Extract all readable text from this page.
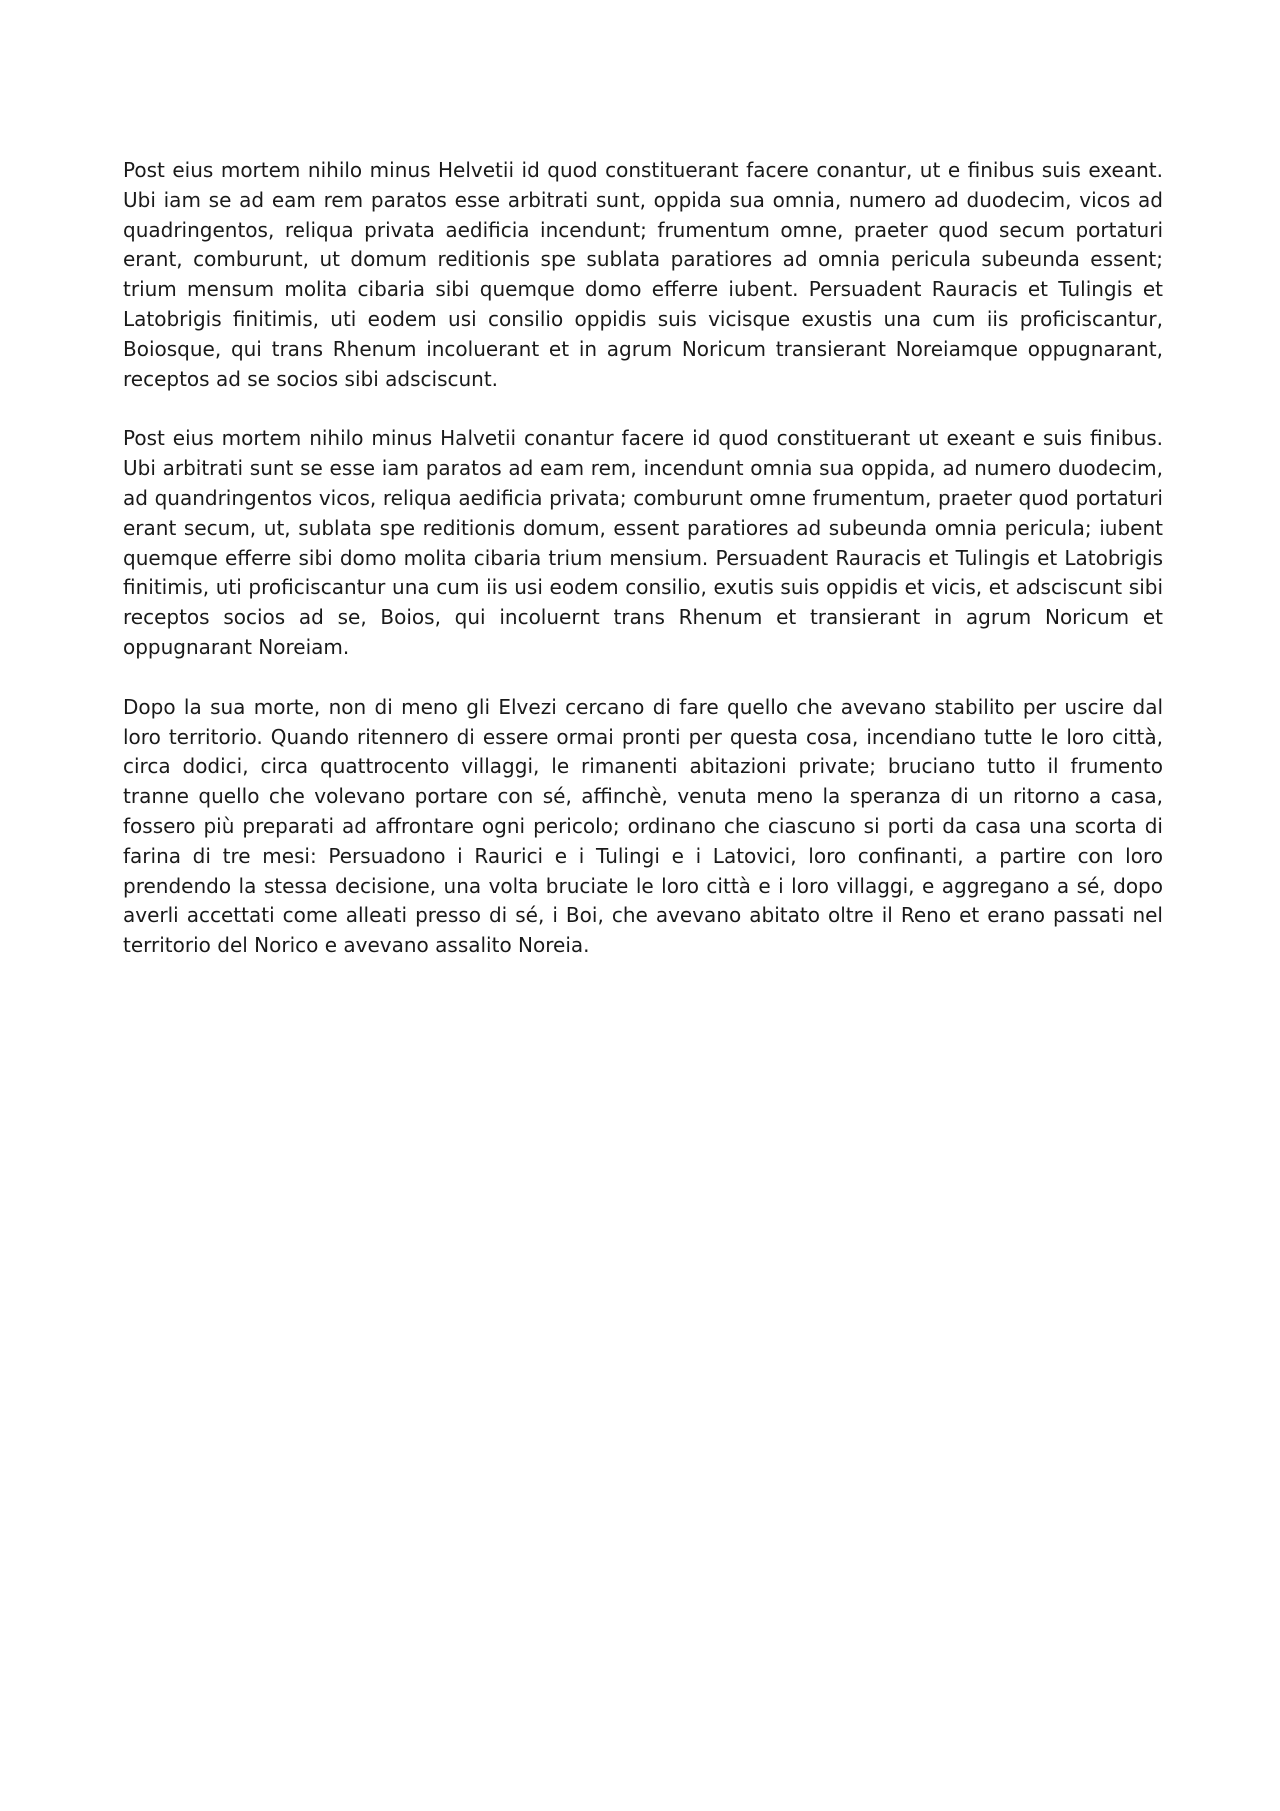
Post eius mortem nihilo minus Helvetii id quod constituerant facere conantur, ut e finibus suis exeant. Ubi iam se ad eam rem paratos esse arbitrati sunt, oppida sua omnia, numero ad duodecim, vicos ad quadringentos, reliqua privata aedificia incendunt; frumentum omne, praeter quod secum portaturi erant, comburunt, ut domum reditionis spe sublata paratiores ad omnia pericula subeunda essent; trium mensum molita cibaria sibi quemque domo efferre iubent. Persuadent Rauracis et Tulingis et Latobrigis finitimis, uti eodem usi consilio oppidis suis vicisque exustis una cum iis proficiscantur, Boiosque, qui trans Rhenum incoluerant et in agrum Noricum transierant Noreiamque oppugnarant, receptos ad se socios sibi adsciscunt.

Post eius mortem nihilo minus Halvetii conantur facere id quod constituerant ut exeant e suis finibus. Ubi arbitrati sunt se esse iam paratos ad eam rem, incendunt omnia sua oppida, ad numero duodecim, ad quandringentos vicos, reliqua aedificia privata; comburunt omne frumentum, praeter quod portaturi erant secum, ut, sublata spe reditionis domum, essent paratiores ad subeunda omnia pericula; iubent quemque efferre sibi domo molita cibaria trium mensium. Persuadent Rauracis et Tulingis et Latobrigis finitimis, uti proficiscantur una cum iis usi eodem consilio, exutis suis oppidis et vicis, et adsciscunt sibi receptos socios ad se, Boios, qui incoluernt trans Rhenum et transierant in agrum Noricum et oppugnarant Noreiam.

Dopo la sua morte, non di meno gli Elvezi cercano di fare quello che avevano stabilito per uscire dal loro territorio. Quando ritennero di essere ormai pronti per questa cosa, incendiano tutte le loro città, circa dodici, circa quattrocento villaggi, le rimanenti abitazioni private; bruciano tutto il frumento tranne quello che volevano portare con sé, affinchè, venuta meno la speranza di un ritorno a casa, fossero più preparati ad affrontare ogni pericolo; ordinano che ciascuno si porti da casa una scorta di farina di tre mesi: Persuadono i Raurici e i Tulingi e i Latovici, loro confinanti, a partire con loro prendendo la stessa decisione, una volta bruciate le loro città e i loro villaggi, e aggregano a sé, dopo averli accettati come alleati presso di sé, i Boi, che avevano abitato oltre il Reno et erano passati nel territorio del Norico e avevano assalito Noreia.
